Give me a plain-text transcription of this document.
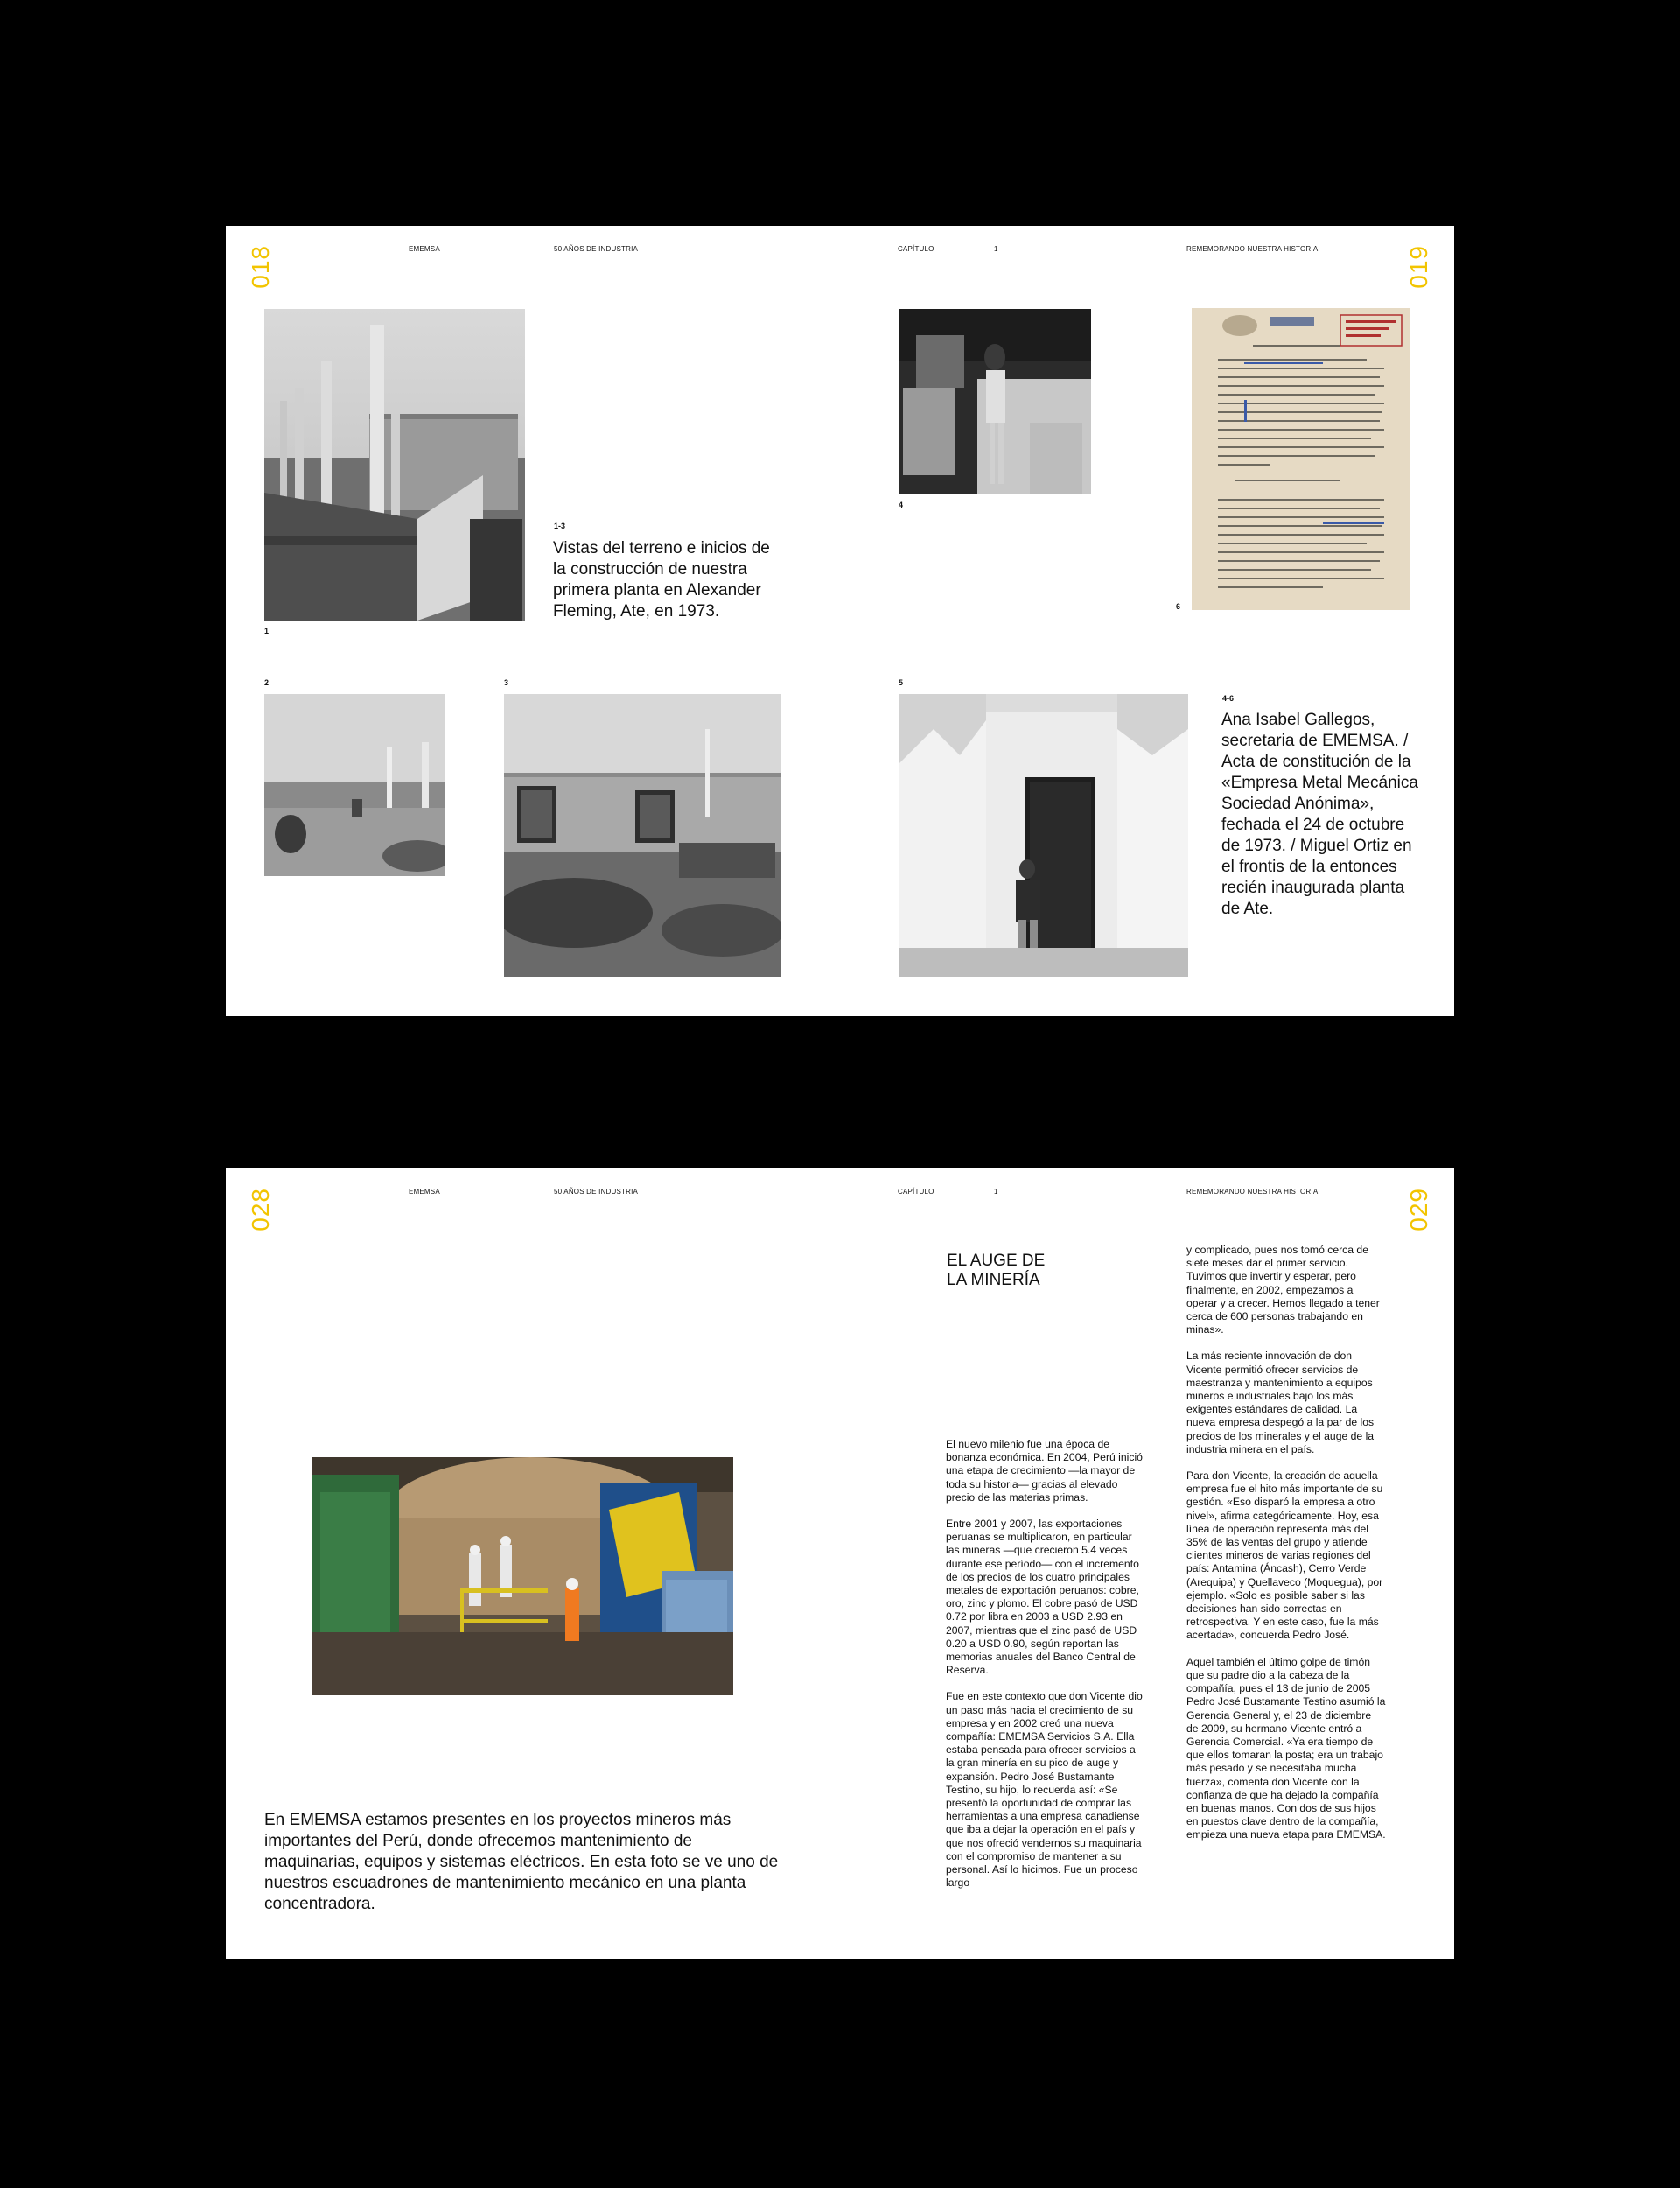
018	019
EMEMSA	50 AÑOS DE INDUSTRIA	CAPÍTULO	1	REMEMORANDO NUESTRA HISTORIA
1
1-3
Vistas del terreno e inicios de la construcción de nuestra primera planta en Alexander Fleming, Ate, en 1973.
2	3
4
6
5
4-6
Ana Isabel Gallegos, secretaria de EMEMSA. / Acta de constitución de la «Empresa Metal Mecánica Sociedad Anónima», fechada el 24 de octubre de 1973. / Miguel Ortiz en el frontis de la entonces recién inaugurada planta de Ate.
028	029
EMEMSA	50 AÑOS DE INDUSTRIA	CAPÍTULO	1	REMEMORANDO NUESTRA HISTORIA
En EMEMSA estamos presentes en los proyectos mineros más importantes del Perú, donde ofrecemos mantenimiento de maquinarias, equipos y sistemas eléctricos. En esta foto se ve uno de nuestros escuadrones de mantenimiento mecánico en una planta concentradora.
EL AUGE DE
LA MINERÍA

El nuevo milenio fue una época de bonanza económica. En 2004, Perú inició una etapa de crecimiento —la mayor de toda su historia— gracias al elevado precio de las materias primas.

Entre 2001 y 2007, las exportaciones peruanas se multiplicaron, en particular las mineras —que crecieron 5.4 veces durante ese período— con el incremento de los precios de los cuatro principales metales de exportación peruanos: cobre, oro, zinc y plomo. El cobre pasó de USD 0.72 por libra en 2003 a USD 2.93 en 2007, mientras que el zinc pasó de USD 0.20 a USD 0.90, según reportan las memorias anuales del Banco Central de Reserva.

Fue en este contexto que don Vicente dio un paso más hacia el crecimiento de su empresa y en 2002 creó una nueva compañía: EMEMSA Servicios S.A. Ella estaba pensada para ofrecer servicios a la gran minería en su pico de auge y expansión. Pedro José Bustamante Testino, su hijo, lo recuerda así: «Se presentó la oportunidad de comprar las herramientas a una empresa canadiense que iba a dejar la operación en el país y que nos ofreció vendernos su maquinaria con el compromiso de mantener a su personal. Así lo hicimos. Fue un proceso largo

y complicado, pues nos tomó cerca de siete meses dar el primer servicio. Tuvimos que invertir y esperar, pero finalmente, en 2002, empezamos a operar y a crecer. Hemos llegado a tener cerca de 600 personas trabajando en minas».

La más reciente innovación de don Vicente permitió ofrecer servicios de maestranza y mantenimiento a equipos mineros e industriales bajo los más exigentes estándares de calidad. La nueva empresa despegó a la par de los precios de los minerales y el auge de la industria minera en el país.

Para don Vicente, la creación de aquella empresa fue el hito más importante de su gestión. «Eso disparó la empresa a otro nivel», afirma categóricamente. Hoy, esa línea de operación representa más del 35% de las ventas del grupo y atiende clientes mineros de varias regiones del país: Antamina (Áncash), Cerro Verde (Arequipa) y Quellaveco (Moquegua), por ejemplo. «Solo es posible saber si las decisiones han sido correctas en retrospectiva. Y en este caso, fue la más acertada», concuerda Pedro José.

Aquel también el último golpe de timón que su padre dio a la cabeza de la compañía, pues el 13 de junio de 2005 Pedro José Bustamante Testino asumió la Gerencia General y, el 23 de diciembre de 2009, su hermano Vicente entró a Gerencia Comercial. «Ya era tiempo de que ellos tomaran la posta; era un trabajo más pesado y se necesitaba mucha fuerza», comenta don Vicente con la confianza de que ha dejado la compañía en buenas manos. Con dos de sus hijos en puestos clave dentro de la compañía, empieza una nueva etapa para EMEMSA.
